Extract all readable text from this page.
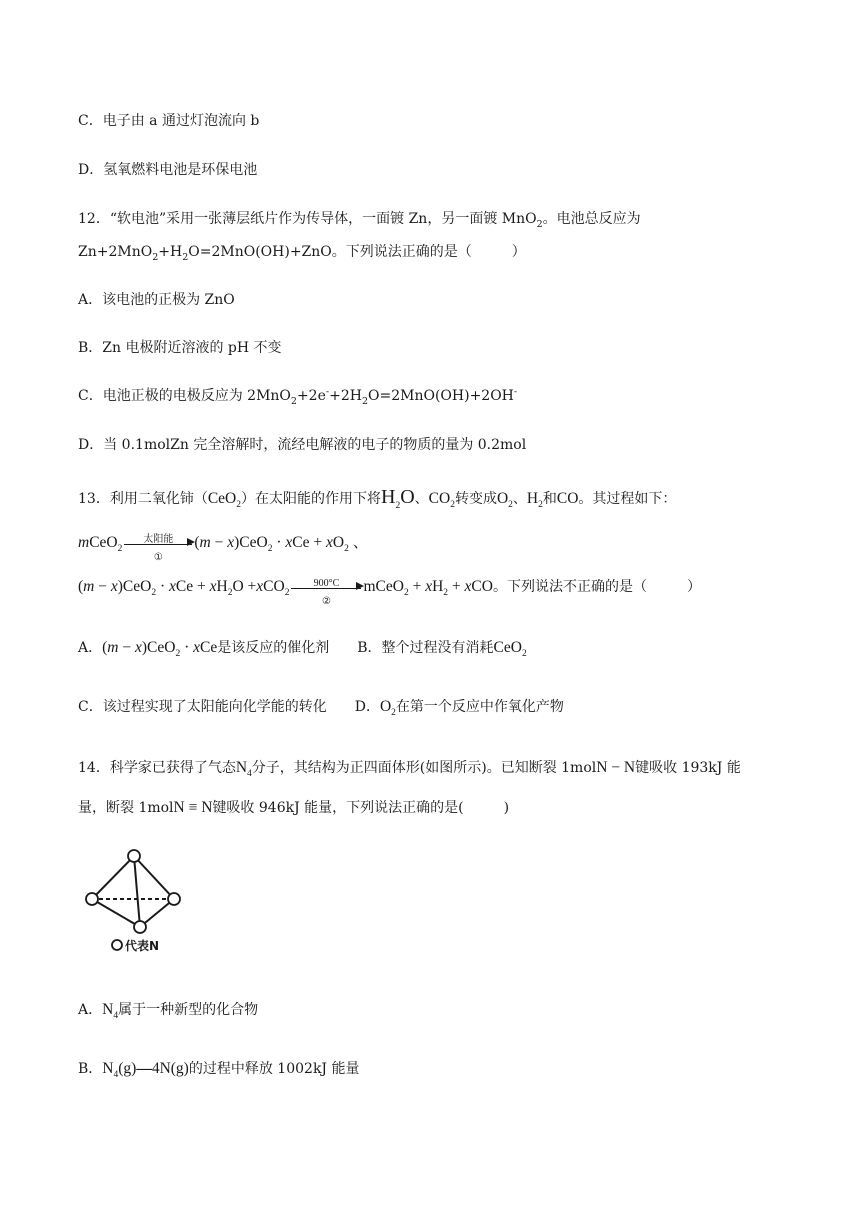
C．电子由 a 通过灯泡流向 b
D．氢氧燃料电池是环保电池
12．“软电池”采用一张薄层纸片作为传导体，一面镀 Zn，另一面镀 MnO$_2$。电池总反应为
$Zn+2MnO_2+H_2O=2MnO(OH)+ZnO$。下列说法正确的是（	）
A．该电池的正极为 ZnO
B．Zn 电极附近溶液的 pH 不变
C．电池正极的电极反应为 $2MnO_2+2e^-+2H_2O=2MnO(OH)+2OH^-$
D．当 0.1molZn 完全溶解时，流经电解液的电子的物质的量为 0.2mol
13．利用二氧化铈（CeO$_2$）在太阳能的作用下将$H_2O$、$CO_2$转变成$O_2$、$H_2$和CO。其过程如下：
mCeO$_2$
太阳能
①
(m − x)CeO$_2$ · xCe + $xO_2$ 、
(m − x)CeO$_2$ · xCe + $xH_2O +xCO_2$
900°C
②
mCeO$_2$ + $xH_2$ + xCO。下列说法不正确的是（	）
A．(m − x)CeO$_2$ · xCe是该反应的催化剂 B．整个过程没有消耗CeO$_2$
C．该过程实现了太阳能向化学能的转化 D．$O_2$在第一个反应中作氧化产物
14．科学家已获得了气态$N_4$分子，其结构为正四面体形(如图所示)。已知断裂 1molN − N键吸收 193kJ 能
量，断裂 1molN ≡ N键吸收 946kJ 能量，下列说法正确的是(	)
代表N
A．$N_4$属于一种新型的化合物
B．$N_4(g)—4N(g)$的过程中释放 1002kJ 能量
